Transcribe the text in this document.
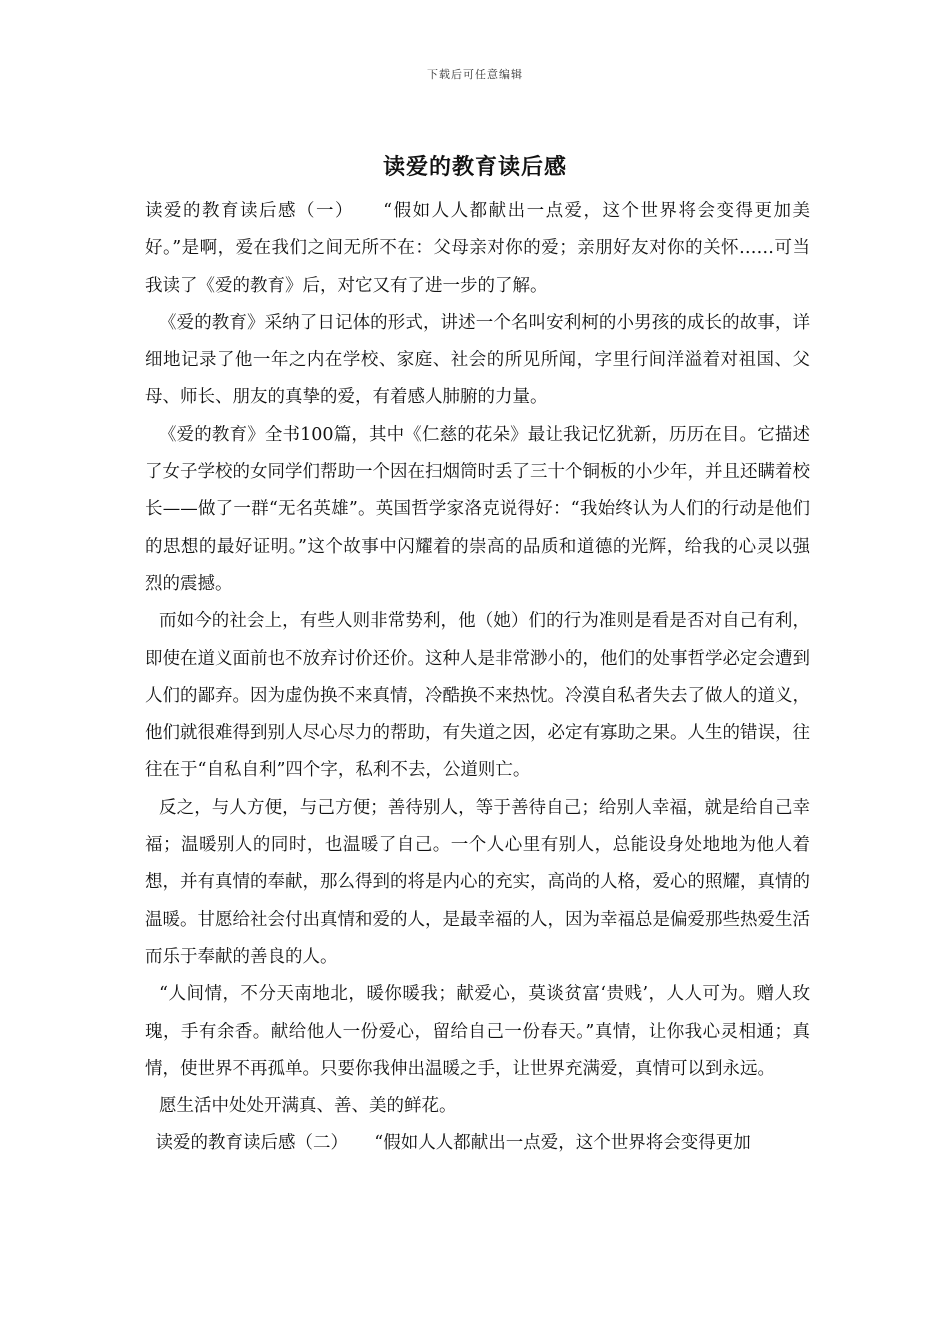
下载后可任意编辑
读爱的教育读后感

读爱的教育读后感（一）　　“假如人人都献出一点爱，这个世界将会变得更加美好。”是啊，爱在我们之间无所不在：父母亲对你的爱；亲朋好友对你的关怀……可当我读了《爱的教育》后，对它又有了进一步的了解。

《爱的教育》采纳了日记体的形式，讲述一个名叫安利柯的小男孩的成长的故事，详细地记录了他一年之内在学校、家庭、社会的所见所闻，字里行间洋溢着对祖国、父母、师长、朋友的真挚的爱，有着感人肺腑的力量。

《爱的教育》全书100篇，其中《仁慈的花朵》最让我记忆犹新，历历在目。它描述了女子学校的女同学们帮助一个因在扫烟筒时丢了三十个铜板的小少年，并且还瞒着校长——做了一群“无名英雄”。英国哲学家洛克说得好：“我始终认为人们的行动是他们的思想的最好证明。”这个故事中闪耀着的崇高的品质和道德的光辉，给我的心灵以强烈的震撼。

而如今的社会上，有些人则非常势利，他（她）们的行为准则是看是否对自己有利，即使在道义面前也不放弃讨价还价。这种人是非常渺小的，他们的处事哲学必定会遭到人们的鄙弃。因为虚伪换不来真情，冷酷换不来热忱。冷漠自私者失去了做人的道义，他们就很难得到别人尽心尽力的帮助，有失道之因，必定有寡助之果。人生的错误，往往在于“自私自利”四个字，私利不去，公道则亡。

反之，与人方便，与己方便；善待别人，等于善待自己；给别人幸福，就是给自己幸福；温暖别人的同时，也温暖了自己。一个人心里有别人，总能设身处地地为他人着想，并有真情的奉献，那么得到的将是内心的充实，高尚的人格，爱心的照耀，真情的温暖。甘愿给社会付出真情和爱的人，是最幸福的人，因为幸福总是偏爱那些热爱生活而乐于奉献的善良的人。

“人间情，不分天南地北，暖你暖我；献爱心，莫谈贫富‘贵贱’，人人可为。赠人玫瑰，手有余香。献给他人一份爱心，留给自己一份春天。”真情，让你我心灵相通；真情，使世界不再孤单。只要你我伸出温暖之手，让世界充满爱，真情可以到永远。

愿生活中处处开满真、善、美的鲜花。

读爱的教育读后感（二）　　“假如人人都献出一点爱，这个世界将会变得更加
